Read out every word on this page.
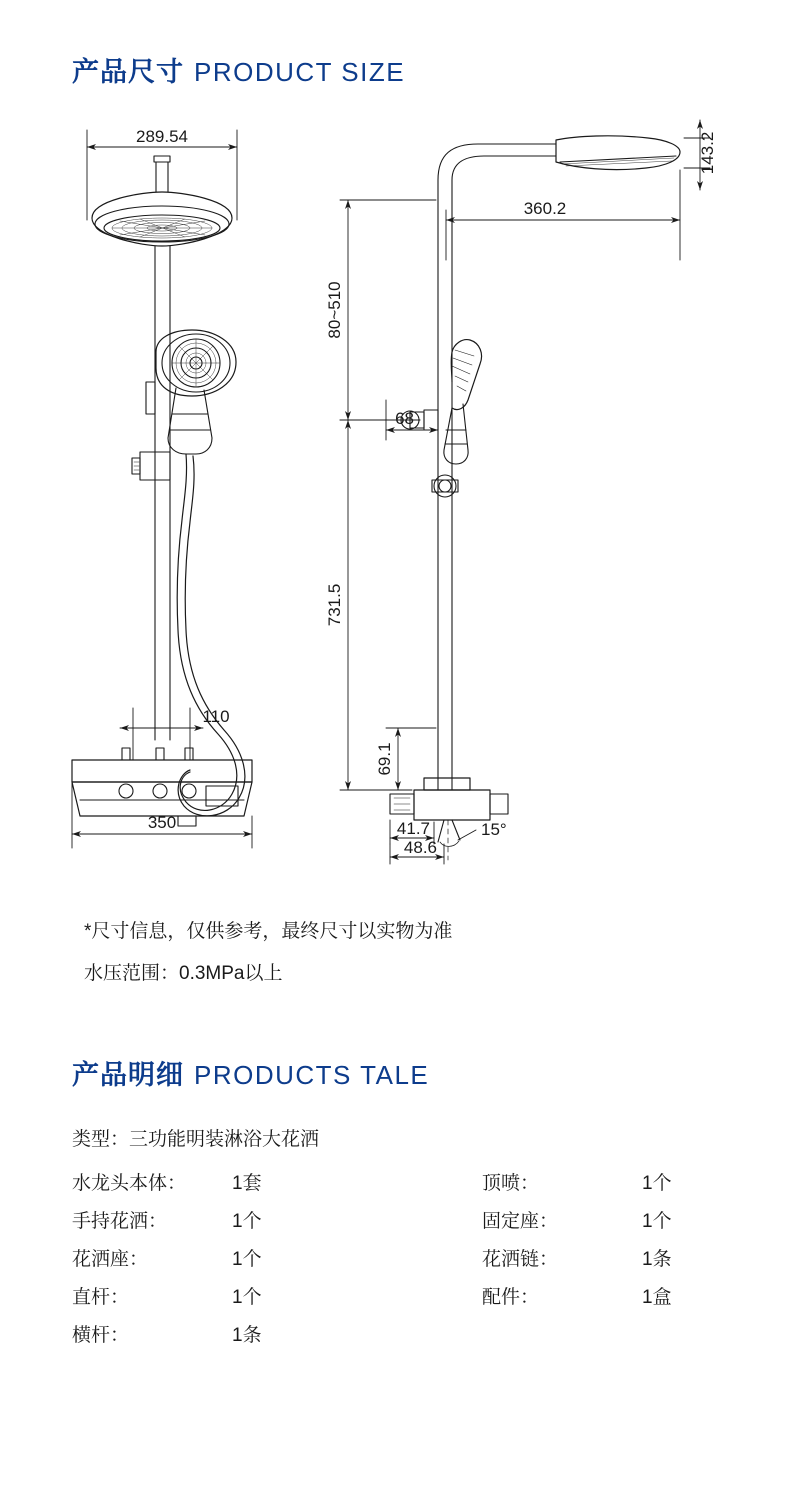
产品尺寸 PRODUCT SIZE
289.54
110
350
360.2
68
41.7
48.6
15°
143.2
80~510
731.5
69.1
*尺寸信息，仅供参考，最终尺寸以实物为准
水压范围：0.3MPa以上
产品明细 PRODUCTS TALE
类型：三功能明装淋浴大花洒
水龙头本体：	1套
手持花洒：	1个
花洒座：	1个
直杆：	1个
横杆：	1条
顶喷：	1个
固定座：	1个
花洒链：	1条
配件：	1盒
